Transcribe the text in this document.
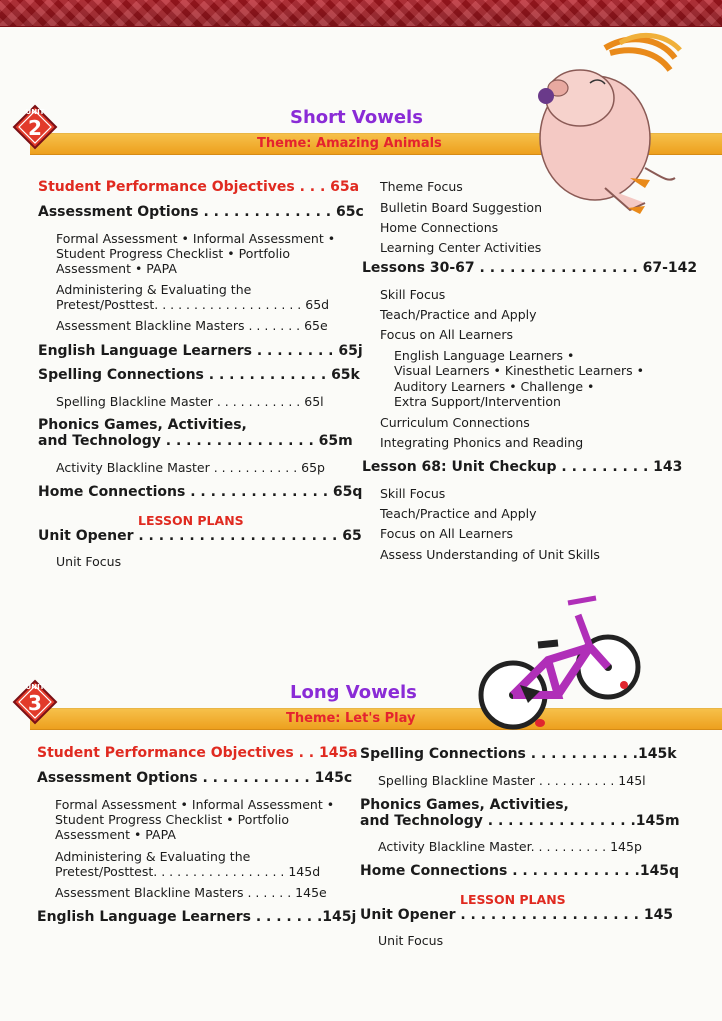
UNIT
2	Short Vowels
Theme: Amazing Animals
Student Performance Objectives . . . 65a
Assessment Options . . . . . . . . . . . . . 65c
Formal Assessment • Informal Assessment • Student Progress Checklist • Portfolio Assessment • PAPA
Administering & Evaluating the
Pretest/Posttest. . . . . . . . . . . . . . . . . . . 65d
Assessment Blackline Masters . . . . . . . 65e
English Language Learners . . . . . . . . 65j
Spelling Connections . . . . . . . . . . . . 65k
Spelling Blackline Master . . . . . . . . . . . 65l
Phonics Games, Activities,
and Technology . . . . . . . . . . . . . . . 65m
Activity Blackline Master . . . . . . . . . . . 65p
Home Connections . . . . . . . . . . . . . . 65q
LESSON PLANS
Unit Opener . . . . . . . . . . . . . . . . . . . . 65
Unit Focus
Theme Focus
Bulletin Board Suggestion
Home Connections
Learning Center Activities
Lessons 30-67 . . . . . . . . . . . . . . . . 67-142
Skill Focus
Teach/Practice and Apply
Focus on All Learners
English Language Learners •
Visual Learners • Kinesthetic Learners •
Auditory Learners • Challenge •
Extra Support/Intervention
Curriculum Connections
Integrating Phonics and Reading
Lesson 68: Unit Checkup . . . . . . . . . 143
Skill Focus
Teach/Practice and Apply
Focus on All Learners
Assess Understanding of Unit Skills
UNIT
3	Long Vowels
Theme: Let's Play
Student Performance Objectives . . 145a
Assessment Options . . . . . . . . . . . 145c
Formal Assessment • Informal Assessment • Student Progress Checklist • Portfolio Assessment • PAPA
Administering & Evaluating the
Pretest/Posttest. . . . . . . . . . . . . . . . . 145d
Assessment Blackline Masters . . . . . . 145e
English Language Learners . . . . . . .145j
Spelling Connections . . . . . . . . . . .145k
Spelling Blackline Master . . . . . . . . . . 145l
Phonics Games, Activities,
and Technology . . . . . . . . . . . . . . .145m
Activity Blackline Master. . . . . . . . . . 145p
Home Connections . . . . . . . . . . . . .145q
LESSON PLANS
Unit Opener . . . . . . . . . . . . . . . . . . 145
Unit Focus
